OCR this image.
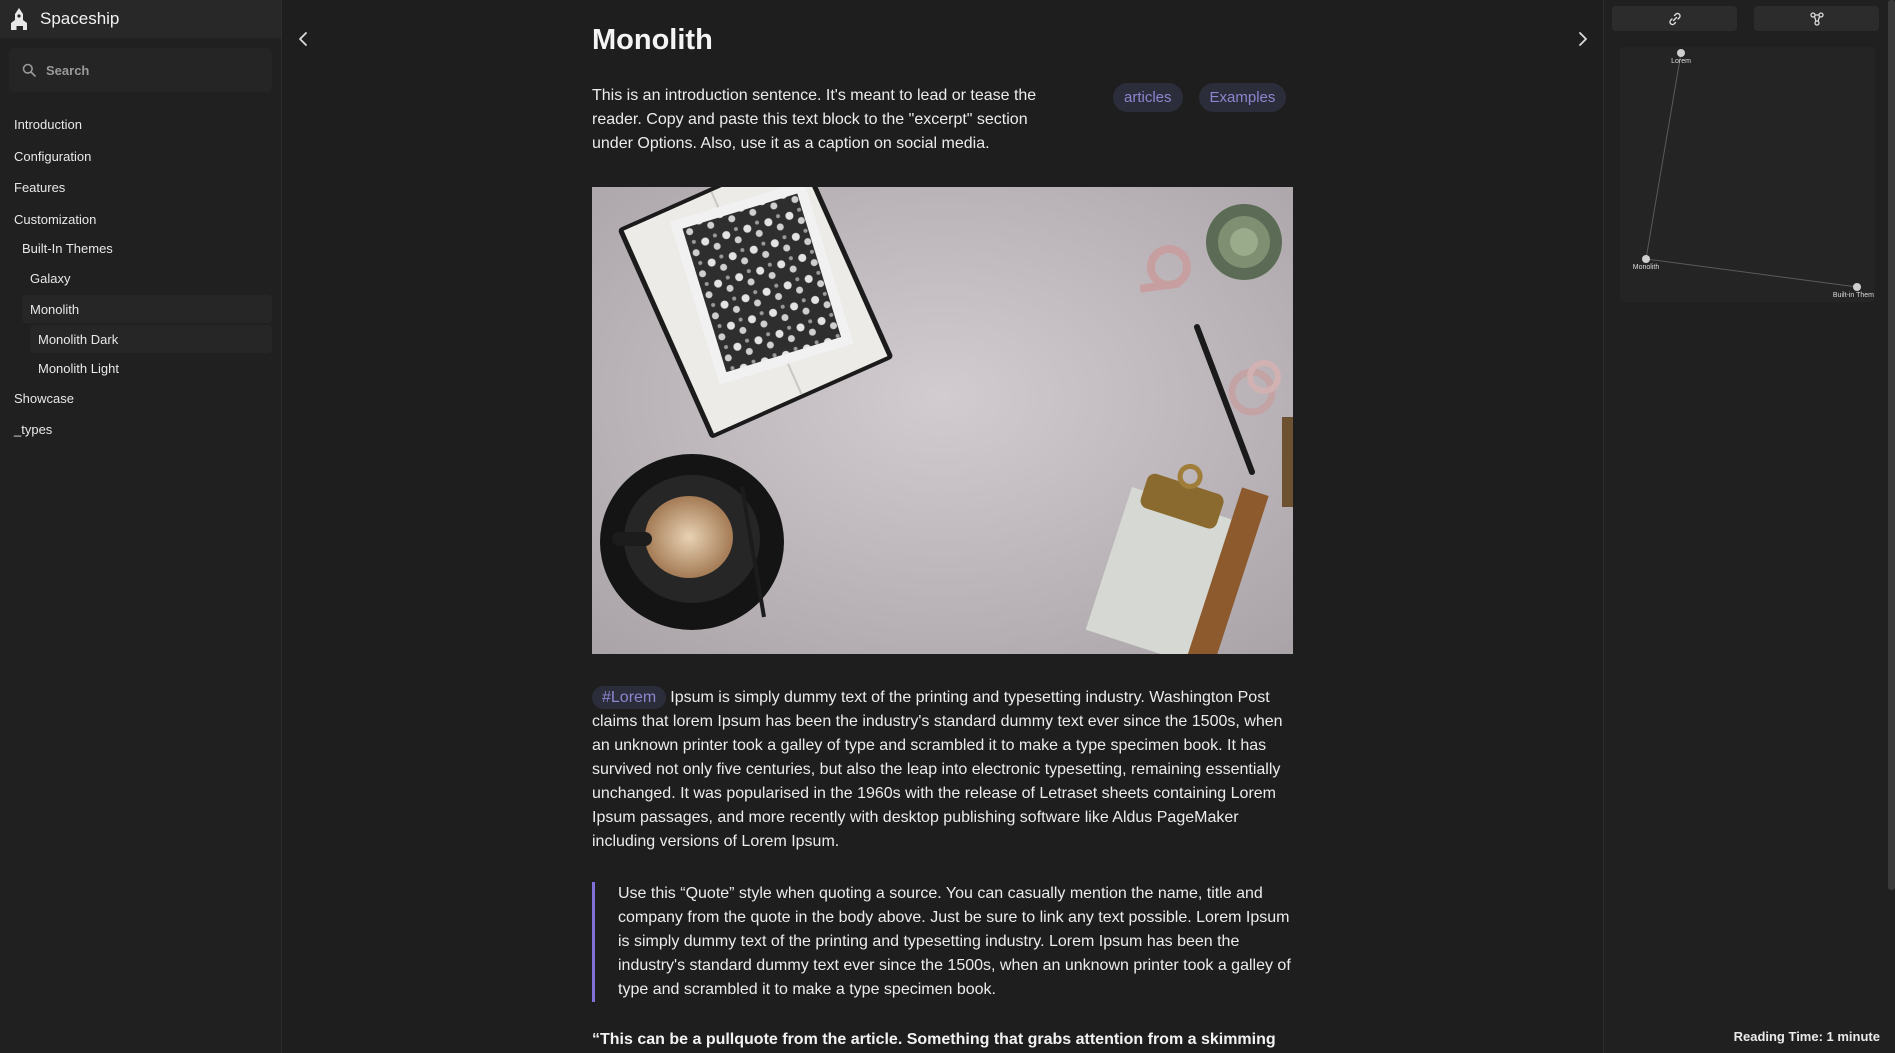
Spaceship
Search
Introduction
Configuration
Features
Customization
Built-In Themes
Galaxy
Monolith
Monolith Dark
Monolith Light
Showcase
_types
Monolith

This is an introduction sentence. It's meant to lead or tease the reader. Copy and paste this text block to the "excerpt" section under Options. Also, use it as a caption on social media.

articles	Examples

#Lorem Ipsum is simply dummy text of the printing and typesetting industry. Washington Post claims that lorem Ipsum has been the industry's standard dummy text ever since the 1500s, when an unknown printer took a galley of type and scrambled it to make a type specimen book. It has survived not only five centuries, but also the leap into electronic typesetting, remaining essentially unchanged. It was popularised in the 1960s with the release of Letraset sheets containing Lorem Ipsum passages, and more recently with desktop publishing software like Aldus PageMaker including versions of Lorem Ipsum.

Use this “Quote” style when quoting a source. You can casually mention the name, title and company from the quote in the body above. Just be sure to link any text possible. Lorem Ipsum is simply dummy text of the printing and typesetting industry. Lorem Ipsum has been the industry's standard dummy text ever since the 1500s, when an unknown printer took a galley of type and scrambled it to make a type specimen book.

“This can be a pullquote from the article. Something that grabs attention from a skimming

Lorem
Monolith
Built-in Them
Reading Time: 1 minute
